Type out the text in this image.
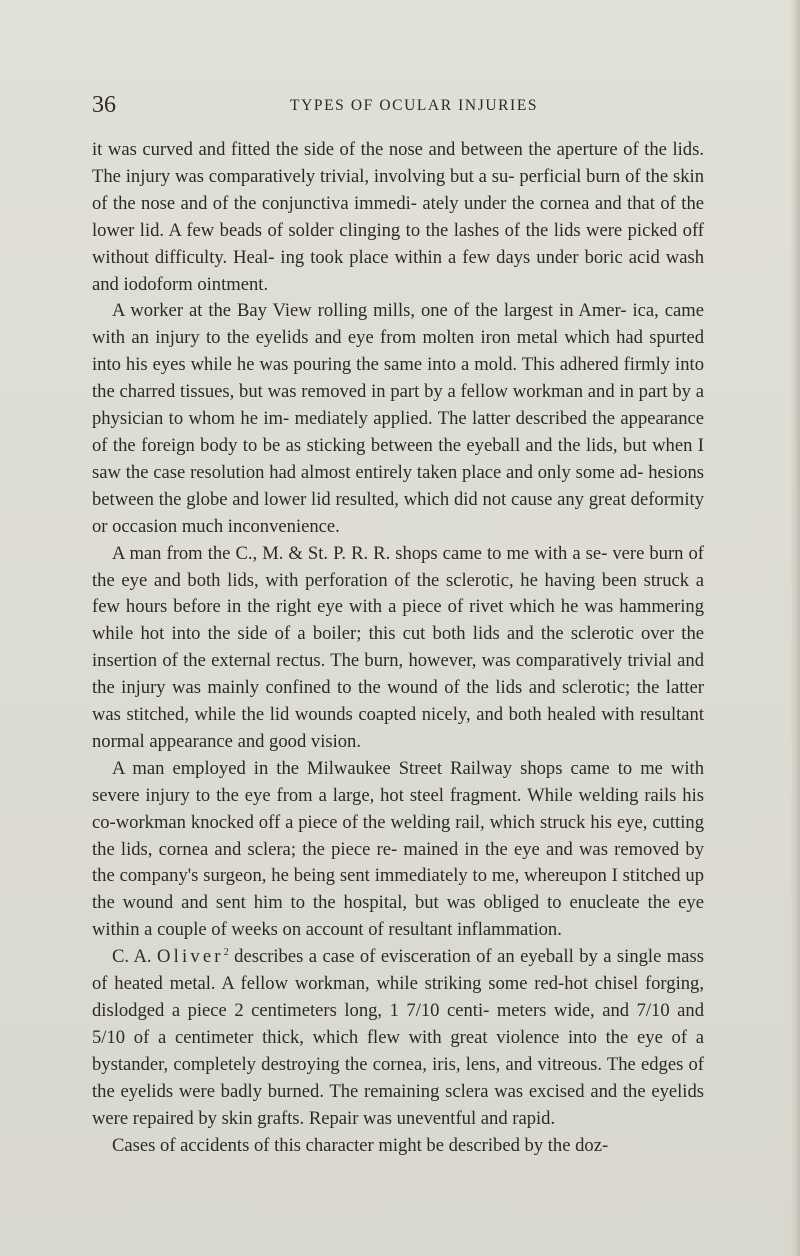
36	TYPES OF OCULAR INJURIES

it was curved and fitted the side of the nose and between the aperture of the lids. The injury was comparatively trivial, involving but a su- perficial burn of the skin of the nose and of the conjunctiva immedi- ately under the cornea and that of the lower lid. A few beads of solder clinging to the lashes of the lids were picked off without difficulty. Heal- ing took place within a few days under boric acid wash and iodoform ointment.

A worker at the Bay View rolling mills, one of the largest in Amer- ica, came with an injury to the eyelids and eye from molten iron metal which had spurted into his eyes while he was pouring the same into a mold. This adhered firmly into the charred tissues, but was removed in part by a fellow workman and in part by a physician to whom he im- mediately applied. The latter described the appearance of the foreign body to be as sticking between the eyeball and the lids, but when I saw the case resolution had almost entirely taken place and only some ad- hesions between the globe and lower lid resulted, which did not cause any great deformity or occasion much inconvenience.

A man from the C., M. & St. P. R. R. shops came to me with a se- vere burn of the eye and both lids, with perforation of the sclerotic, he having been struck a few hours before in the right eye with a piece of rivet which he was hammering while hot into the side of a boiler; this cut both lids and the sclerotic over the insertion of the external rectus. The burn, however, was comparatively trivial and the injury was mainly confined to the wound of the lids and sclerotic; the latter was stitched, while the lid wounds coapted nicely, and both healed with resultant normal appearance and good vision.

A man employed in the Milwaukee Street Railway shops came to me with severe injury to the eye from a large, hot steel fragment. While welding rails his co-workman knocked off a piece of the welding rail, which struck his eye, cutting the lids, cornea and sclera; the piece re- mained in the eye and was removed by the company's surgeon, he being sent immediately to me, whereupon I stitched up the wound and sent him to the hospital, but was obliged to enucleate the eye within a couple of weeks on account of resultant inflammation.

C. A. Oliver$^2$ describes a case of evisceration of an eyeball by a single mass of heated metal. A fellow workman, while striking some red-hot chisel forging, dislodged a piece 2 centimeters long, 1 7/10 centi- meters wide, and 7/10 and 5/10 of a centimeter thick, which flew with great violence into the eye of a bystander, completely destroying the cornea, iris, lens, and vitreous. The edges of the eyelids were badly burned. The remaining sclera was excised and the eyelids were repaired by skin grafts. Repair was uneventful and rapid.

Cases of accidents of this character might be described by the doz-
